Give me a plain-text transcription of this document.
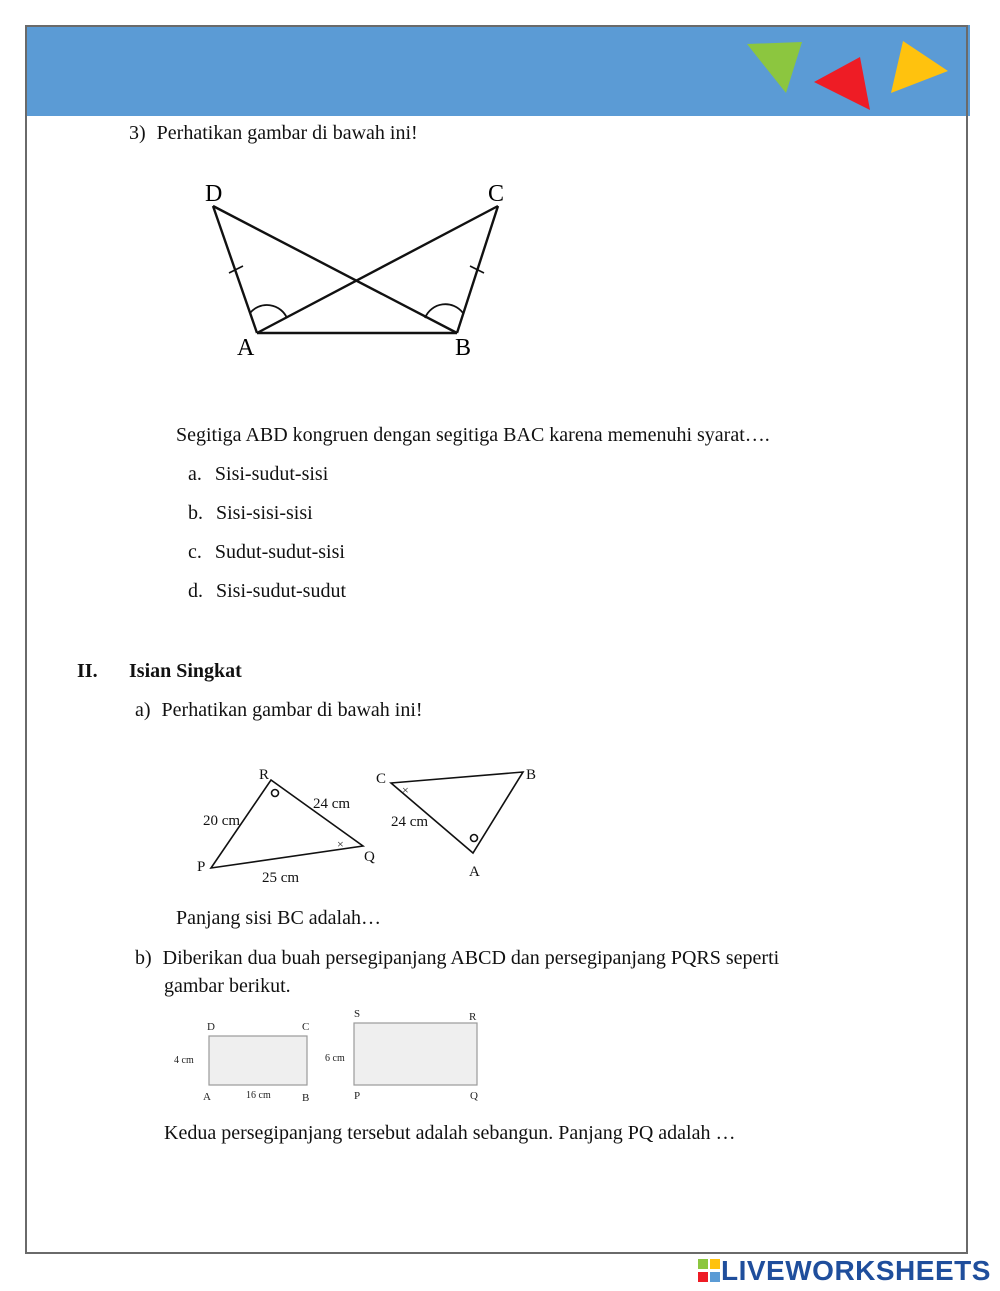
3) Perhatikan gambar di bawah ini!
D	C
A	B
Segitiga ABD kongruen dengan segitiga BAC karena memenuhi syarat….
a. Sisi-sudut-sisi
b. Sisi-sisi-sisi
c. Sudut-sudut-sisi
d. Sisi-sudut-sudut
II. Isian Singkat
a) Perhatikan gambar di bawah ini!
R
P
Q
C	B
A
20 cm
24 cm
25 cm
24 cm
×
×
Panjang sisi BC adalah…
b) Diberikan dua buah persegipanjang ABCD dan persegipanjang PQRS seperti
gambar berikut.
D	C
A	B
4 cm
16 cm
S	R
P	Q
6 cm
Kedua persegipanjang tersebut adalah sebangun. Panjang PQ adalah …
LIVEWORKSHEETS
